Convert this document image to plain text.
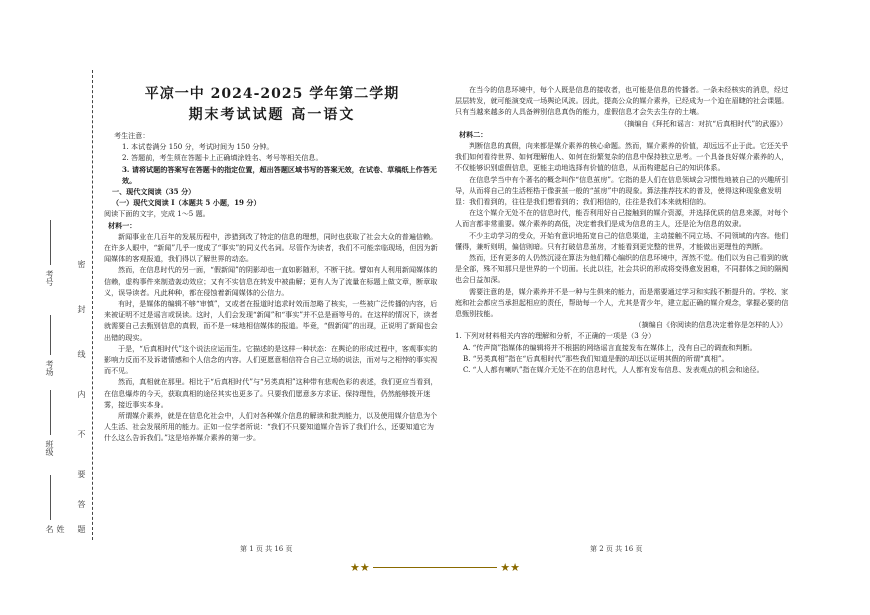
密
封
线
内
不
要
答
题
考号
考场
班级
姓名
平凉一中 2024-2025 学年第二学期
期末考试试题 高一语文
考生注意：
1. 本试卷满分 150 分，考试时间为 150 分钟。
2. 答题前，考生须在答题卡上正确填涂姓名、考号等相关信息。
3. 请将试题的答案写在答题卡的指定位置，超出答题区域书写的答案无效，在试卷、草稿纸上作答无效。
一、现代文阅读（35 分）
（一）现代文阅读 I（本题共 5 小题，19 分）
阅读下面的文字，完成 1～5 题。
材料一：

新闻事业在几百年的发展历程中，涉猎到改了特定的信息的理想，同时也获取了社会大众的普遍信赖。在许多人眼中，“新闻”几乎一度成了“事实”的同义代名词。尽管作为读者，我们不可能亲临现场，但因为新闻媒体的客观报道，我们得以了解世界的动态。

然而，在信息时代的另一面，“假新闻”的阴影却也一直如影随形，不断干扰。譬如有人利用新闻媒体的信赖，虚构事件来制造轰动效应；又有不实信息在转发中被曲解；更有人为了流量在标题上做文章，断章取义，误导读者。凡此种种，都在侵蚀着新闻媒体的公信力。

有时，是媒体的编辑不够“审慎”，又或者在报道时追求时效而忽略了核实，一些被广泛传播的内容，后来被证明不过是谣言或误读。这时，人们会发现“新闻”和“事实”并不总是画等号的。在这样的情况下，读者就需要自己去甄别信息的真假，而不是一味地相信媒体的报道。毕竟，“假新闻”的出现，正说明了新闻也会出错的现实。

于是，“后真相时代”这个说法应运而生。它描述的是这样一种状态：在舆论的形成过程中，客观事实的影响力反而不及诉诸情感和个人信念的内容。人们更愿意相信符合自己立场的说法，而对与之相悖的事实视而不见。

然而，真相就在那里。相比于“后真相时代”与“另类真相”这种带有悲观色彩的表述，我们更应当看到，在信息爆炸的今天，获取真相的途径其实也更多了。只要我们愿意多方求证、保持理性，仍然能够拨开迷雾，接近事实本身。

所谓媒介素养，就是在信息化社会中，人们对各种媒介信息的解读和批判能力，以及使用媒介信息为个人生活、社会发展所用的能力。正如一位学者所说：“我们不只要知道媒介告诉了我们什么，还要知道它为什么这么告诉我们。”这是培养媒介素养的第一步。

在当今的信息环境中，每个人既是信息的接收者，也可能是信息的传播者。一条未经核实的消息，经过层层转发，就可能演变成一场舆论风波。因此，提高公众的媒介素养，已经成为一个迫在眉睫的社会课题。只有当越来越多的人具备辨别信息真伪的能力，虚假信息才会失去生存的土壤。

（摘编自《拜托和谣言：对抗“后真相时代”的武器》）

材料二：

判断信息的真假，向来都是媒介素养的核心命题。然而，媒介素养的价值，却远远不止于此。它还关乎我们如何看待世界、如何理解他人、如何在纷繁复杂的信息中保持独立思考。一个具备良好媒介素养的人，不仅能够识别虚假信息，更能主动地选择有价值的信息，从而构建起自己的知识体系。

在信息学当中有个著名的概念叫作“信息茧房”。它指的是人们在信息领域会习惯性地被自己的兴趣所引导，从而将自己的生活桎梏于像蚕茧一般的“茧房”中的现象。算法推荐技术的普及，使得这种现象愈发明显：我们看到的，往往是我们想看到的；我们相信的，往往是我们本来就相信的。

在这个媒介无处不在的信息时代，能否利用好自己接触到的媒介资源，并选择优质的信息来源，对每个人而言都非常重要。媒介素养的高低，决定着我们是成为信息的主人，还是沦为信息的奴隶。

不少主动学习的受众，开始有意识地拓宽自己的信息渠道，主动接触不同立场、不同领域的内容。他们懂得，兼听则明，偏信则暗。只有打破信息茧房，才能看到更完整的世界，才能做出更理性的判断。

然而，还有更多的人仍然沉浸在算法为他们精心编织的信息环境中，浑然不觉。他们以为自己看到的就是全部，殊不知那只是世界的一个切面。长此以往，社会共识的形成将变得愈发困难，不同群体之间的隔阂也会日益加深。

需要注意的是，媒介素养并不是一种与生俱来的能力，而是需要通过学习和实践不断提升的。学校、家庭和社会都应当承担起相应的责任，帮助每一个人，尤其是青少年，建立起正确的媒介观念，掌握必要的信息甄别技能。

（摘编自《你阅读的信息决定着你是怎样的人》）

1. 下列对材料相关内容的理解和分析，不正确的一项是（3 分）

A. “传声筒”指媒体的编辑将并不根据的网络谣言直接发布在媒体上，没有自己的调查和判断。

B. “另类真相”指在“后真相时代”那些我们知道是假的却还以证明其假的所谓“真相”。

C. “人人都有喇叭”指在媒介无处不在的信息时代，人人都有发布信息、发表观点的机会和途径。

第 1 页 共 16 页	第 2 页 共 16 页
★★	★★
